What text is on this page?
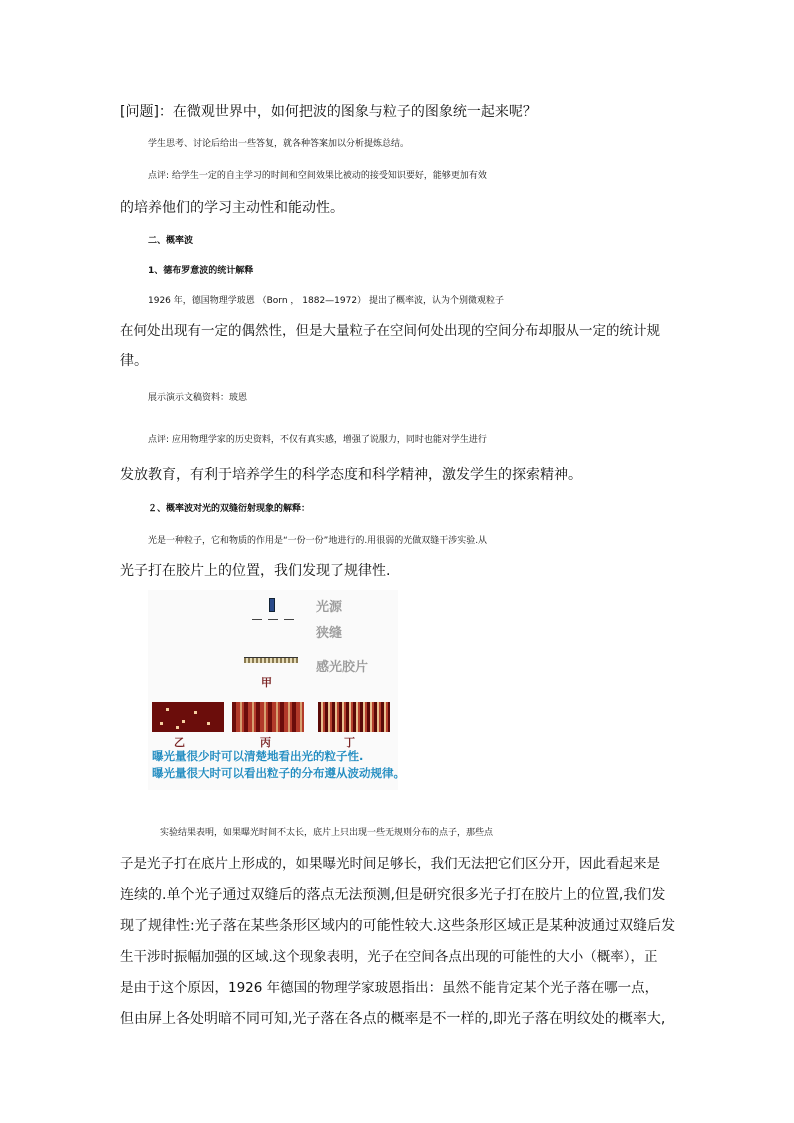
[问题]：在微观世界中，如何把波的图象与粒子的图象统一起来呢？
学生思考、讨论后给出一些答复，就各种答案加以分析提炼总结。
点评: 给学生一定的自主学习的时间和空间效果比被动的接受知识要好，能够更加有效
的培养他们的学习主动性和能动性。
二、概率波
1、德布罗意波的统计解释
1926 年，德国物理学玻恩 （Born ， 1882—1972） 提出了概率波，认为个别微观粒子
在何处出现有一定的偶然性，但是大量粒子在空间何处出现的空间分布却服从一定的统计规
律。
展示演示文稿资料：玻恩
点评: 应用物理学家的历史资料，不仅有真实感，增强了说服力，同时也能对学生进行
发放教育，有利于培养学生的科学态度和科学精神，激发学生的探索精神。
２、概率波对光的双缝衍射现象的解释：
光是一种粒子，它和物质的作用是“一份一份”地进行的.用很弱的光做双缝干涉实验.从
光子打在胶片上的位置，我们发现了规律性.
光源
狭缝
感光胶片
甲
乙	丙	丁
曝光量很少时可以清楚地看出光的粒子性.
曝光量很大时可以看出粒子的分布遵从波动规律。
实验结果表明，如果曝光时间不太长，底片上只出现一些无规则分布的点子，那些点
子是光子打在底片上形成的，如果曝光时间足够长，我们无法把它们区分开，因此看起来是
连续的.单个光子通过双缝后的落点无法预测,但是研究很多光子打在胶片上的位置,我们发
现了规律性:光子落在某些条形区域内的可能性较大.这些条形区域正是某种波通过双缝后发
生干涉时振幅加强的区域.这个现象表明，光子在空间各点出现的可能性的大小（概率），正
是由于这个原因，1926 年德国的物理学家玻恩指出：虽然不能肯定某个光子落在哪一点，
但由屏上各处明暗不同可知,光子落在各点的概率是不一样的,即光子落在明纹处的概率大,
